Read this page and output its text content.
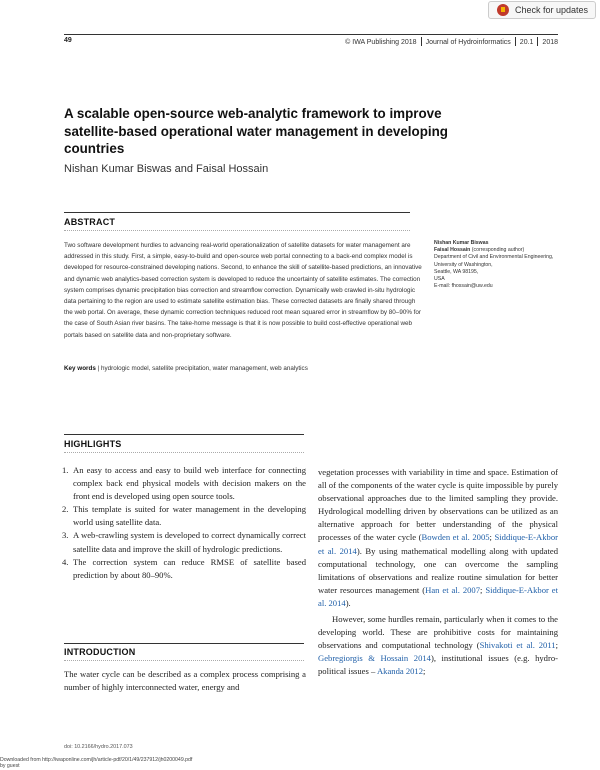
Check for updates
49	© IWA Publishing 2018 Journal of Hydroinformatics 20.1 2018
A scalable open-source web-analytic framework to improve satellite-based operational water management in developing countries
Nishan Kumar Biswas and Faisal Hossain
ABSTRACT
Two software development hurdles to advancing real-world operationalization of satellite datasets for water management are addressed in this study. First, a simple, easy-to-build and open-source web portal connecting to a back-end complex model is developed for resource-constrained developing nations. Second, to enhance the skill of satellite-based predictions, an innovative and dynamic web analytics-based correction system is developed to reduce the uncertainty of satellite estimates. The correction system comprises dynamic precipitation bias correction and streamflow correction. Dynamically web crawled in-situ hydrologic data pertaining to the region are used to estimate satellite estimation bias. These corrected datasets are finally shared through the web portal. On average, these dynamic correction techniques reduced root mean squared error in streamflow by 80–90% for the case of South Asian river basins. The take-home message is that it is now possible to build cost-effective operational web portals based on satellite data and non-proprietary software.
Key words | hydrologic model, satellite precipitation, water management, web analytics
Nishan Kumar Biswas
Faisal Hossain (corresponding author)
Department of Civil and Environmental Engineering,
University of Washington,
Seattle, WA 98195,
USA
E-mail: fhossain@uw.edu
HIGHLIGHTS
1. An easy to access and easy to build web interface for connecting complex back end physical models with decision makers on the front end is developed using open source tools.
2. This template is suited for water management in the developing world using satellite data.
3. A web-crawling system is developed to correct dynamically correct satellite data and improve the skill of hydrologic predictions.
4. The correction system can reduce RMSE of satellite based prediction by about 80–90%.
INTRODUCTION
The water cycle can be described as a complex process comprising a number of highly interconnected water, energy and

vegetation processes with variability in time and space. Estimation of all of the components of the water cycle is quite impossible by purely observational approaches due to the limited sampling they provide. Hydrological modelling driven by observations can be utilized as an alternative approach for better understanding of the physical processes of the water cycle (Bowden et al. 2005; Siddique-E-Akbor et al. 2014). By using mathematical modelling along with updated computational technology, one can overcome the sampling limitations of observations and realize routine simulation for better water resources management (Han et al. 2007; Siddique-E-Akbor et al. 2014).

However, some hurdles remain, particularly when it comes to the developing world. These are prohibitive costs for maintaining observations and computational technology (Shivakoti et al. 2011; Gebregiorgis & Hossain 2014), institutional issues (e.g. hydro-political issues – Akanda 2012;

doi: 10.2166/hydro.2017.073
Downloaded from http://iwaponline.com/jh/article-pdf/20/1/49/237912/jh0200049.pdf
by guest
